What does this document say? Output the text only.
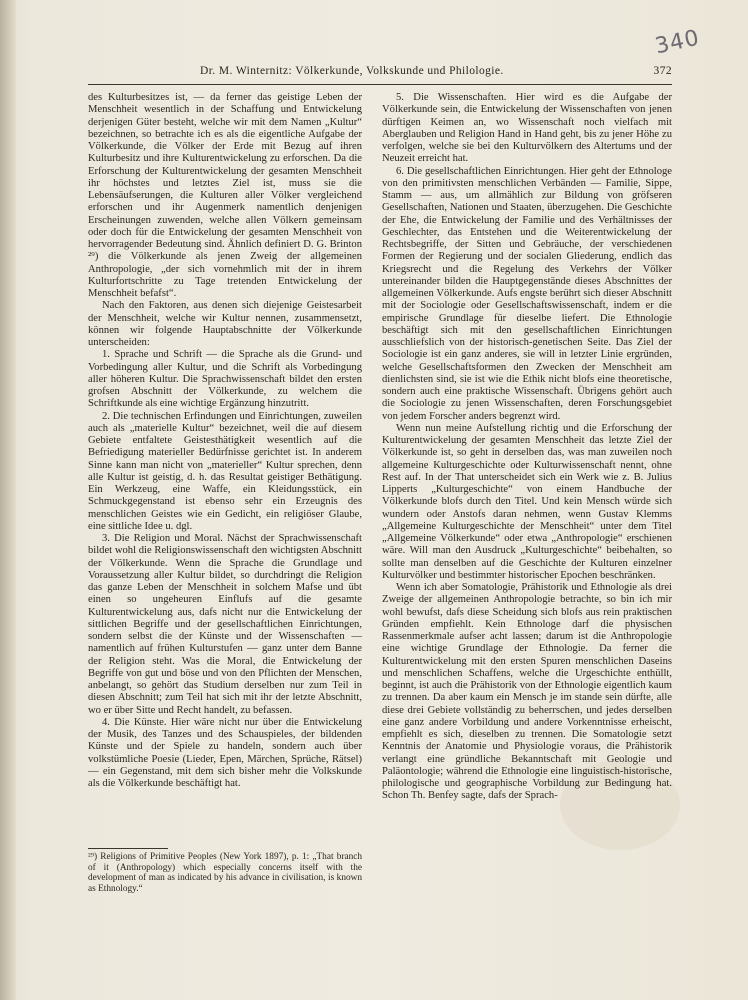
340
Dr. M. Winternitz: Völkerkunde, Volkskunde und Philologie.	372

des Kulturbesitzes ist, — da ferner das geistige Leben der Menschheit wesentlich in der Schaffung und Entwickelung derjenigen Güter besteht, welche wir mit dem Namen „Kultur“ bezeichnen, so betrachte ich es als die eigentliche Aufgabe der Völkerkunde, die Völker der Erde mit Bezug auf ihren Kulturbesitz und ihre Kulturentwickelung zu erforschen. Da die Erforschung der Kulturentwickelung der gesamten Menschheit ihr höchstes und letztes Ziel ist, muss sie die Lebensäufserungen, die Kulturen aller Völker vergleichend erforschen und ihr Augenmerk namentlich denjenigen Erscheinungen zuwenden, welche allen Völkern gemeinsam oder doch für die Entwickelung der gesamten Menschheit von hervorragender Bedeutung sind. Ähnlich definiert D. G. Brinton ²⁹) die Völkerkunde als jenen Zweig der allgemeinen Anthropologie, „der sich vornehmlich mit der in ihrem Kulturfortschritte zu Tage tretenden Entwickelung der Menschheit befafst“.

Nach den Faktoren, aus denen sich diejenige Geistesarbeit der Menschheit, welche wir Kultur nennen, zusammensetzt, können wir folgende Hauptabschnitte der Völkerkunde unterscheiden:

1. Sprache und Schrift — die Sprache als die Grund- und Vorbedingung aller Kultur, und die Schrift als Vorbedingung aller höheren Kultur. Die Sprachwissenschaft bildet den ersten grofsen Abschnitt der Völkerkunde, zu welchem die Schriftkunde als eine wichtige Ergänzung hinzutritt.

2. Die technischen Erfindungen und Einrichtungen, zuweilen auch als „materielle Kultur“ bezeichnet, weil die auf diesem Gebiete entfaltete Geistesthätigkeit wesentlich auf die Befriedigung materieller Bedürfnisse gerichtet ist. In anderem Sinne kann man nicht von „materieller“ Kultur sprechen, denn alle Kultur ist geistig, d. h. das Resultat geistiger Bethätigung. Ein Werkzeug, eine Waffe, ein Kleidungsstück, ein Schmuckgegenstand ist ebenso sehr ein Erzeugnis des menschlichen Geistes wie ein Gedicht, ein religiöser Glaube, eine sittliche Idee u. dgl.

3. Die Religion und Moral. Nächst der Sprachwissenschaft bildet wohl die Religionswissenschaft den wichtigsten Abschnitt der Völkerkunde. Wenn die Sprache die Grundlage und Voraussetzung aller Kultur bildet, so durchdringt die Religion das ganze Leben der Menschheit in solchem Mafse und übt einen so ungeheuren Einflufs auf die gesamte Kulturentwickelung aus, dafs nicht nur die Entwickelung der sittlichen Begriffe und der gesellschaftlichen Einrichtungen, sondern selbst die der Künste und der Wissenschaften — namentlich auf frühen Kulturstufen — ganz unter dem Banne der Religion steht. Was die Moral, die Entwickelung der Begriffe von gut und böse und von den Pflichten der Menschen, anbelangt, so gehört das Studium derselben nur zum Teil in diesen Abschnitt; zum Teil hat sich mit ihr der letzte Abschnitt, wo er über Sitte und Recht handelt, zu befassen.

4. Die Künste. Hier wäre nicht nur über die Entwickelung der Musik, des Tanzes und des Schauspieles, der bildenden Künste und der Spiele zu handeln, sondern auch über volkstümliche Poesie (Lieder, Epen, Märchen, Sprüche, Rätsel) — ein Gegenstand, mit dem sich bisher mehr die Volkskunde als die Völkerkunde beschäftigt hat.

²⁹) Religions of Primitive Peoples (New York 1897), p. 1: „That branch of it (Anthropology) which especially concerns itself with the development of man as indicated by his advance in civilisation, is known as Ethnology.“

5. Die Wissenschaften. Hier wird es die Aufgabe der Völkerkunde sein, die Entwickelung der Wissenschaften von jenen dürftigen Keimen an, wo Wissenschaft noch vielfach mit Aberglauben und Religion Hand in Hand geht, bis zu jener Höhe zu verfolgen, welche sie bei den Kulturvölkern des Altertums und der Neuzeit erreicht hat.

6. Die gesellschaftlichen Einrichtungen. Hier geht der Ethnologe von den primitivsten menschlichen Verbänden — Familie, Sippe, Stamm — aus, um allmählich zur Bildung von gröfseren Gesellschaften, Nationen und Staaten, überzugehen. Die Geschichte der Ehe, die Entwickelung der Familie und des Verhältnisses der Geschlechter, das Entstehen und die Weiterentwickelung der Rechtsbegriffe, der Sitten und Gebräuche, der verschiedenen Formen der Regierung und der socialen Gliederung, endlich das Kriegsrecht und die Regelung des Verkehrs der Völker untereinander bilden die Hauptgegenstände dieses Abschnittes der allgemeinen Völkerkunde. Aufs engste berührt sich dieser Abschnitt mit der Sociologie oder Gesellschaftswissenschaft, indem er die empirische Grundlage für dieselbe liefert. Die Ethnologie beschäftigt sich mit den gesellschaftlichen Einrichtungen ausschliefslich von der historisch-genetischen Seite. Das Ziel der Sociologie ist ein ganz anderes, sie will in letzter Linie ergründen, welche Gesellschaftsformen den Zwecken der Menschheit am dienlichsten sind, sie ist wie die Ethik nicht blofs eine theoretische, sondern auch eine praktische Wissenschaft. Übrigens gehört auch die Sociologie zu jenen Wissenschaften, deren Forschungsgebiet von jedem Forscher anders begrenzt wird.

Wenn nun meine Aufstellung richtig und die Erforschung der Kulturentwickelung der gesamten Menschheit das letzte Ziel der Völkerkunde ist, so geht in derselben das, was man zuweilen noch allgemeine Kulturgeschichte oder Kulturwissenschaft nennt, ohne Rest auf. In der That unterscheidet sich ein Werk wie z. B. Julius Lipperts „Kulturgeschichte“ von einem Handbuche der Völkerkunde blofs durch den Titel. Und kein Mensch würde sich wundern oder Anstofs daran nehmen, wenn Gustav Klemms „Allgemeine Kulturgeschichte der Menschheit“ unter dem Titel „Allgemeine Völkerkunde“ oder etwa „Anthropologie“ erschienen wäre. Will man den Ausdruck „Kulturgeschichte“ beibehalten, so sollte man denselben auf die Geschichte der Kulturen einzelner Kulturvölker und bestimmter historischer Epochen beschränken.

Wenn ich aber Somatologie, Prähistorik und Ethnologie als drei Zweige der allgemeinen Anthropologie betrachte, so bin ich mir wohl bewufst, dafs diese Scheidung sich blofs aus rein praktischen Gründen empfiehlt. Kein Ethnologe darf die physischen Rassenmerkmale aufser acht lassen; darum ist die Anthropologie eine wichtige Grundlage der Ethnologie. Da ferner die Kulturentwickelung mit den ersten Spuren menschlichen Daseins und menschlichen Schaffens, welche die Urgeschichte enthüllt, beginnt, ist auch die Prähistorik von der Ethnologie eigentlich kaum zu trennen. Da aber kaum ein Mensch je im stande sein dürfte, alle diese drei Gebiete vollständig zu beherrschen, und jedes derselben eine ganz andere Vorbildung und andere Vorkenntnisse erheischt, empfiehlt es sich, dieselben zu trennen. Die Somatologie setzt Kenntnis der Anatomie und Physiologie voraus, die Prähistorik verlangt eine gründliche Bekanntschaft mit Geologie und Paläontologie; während die Ethnologie eine linguistisch-historische, philologische und geographische Vorbildung zur Bedingung hat. Schon Th. Benfey sagte, dafs der Sprach-
